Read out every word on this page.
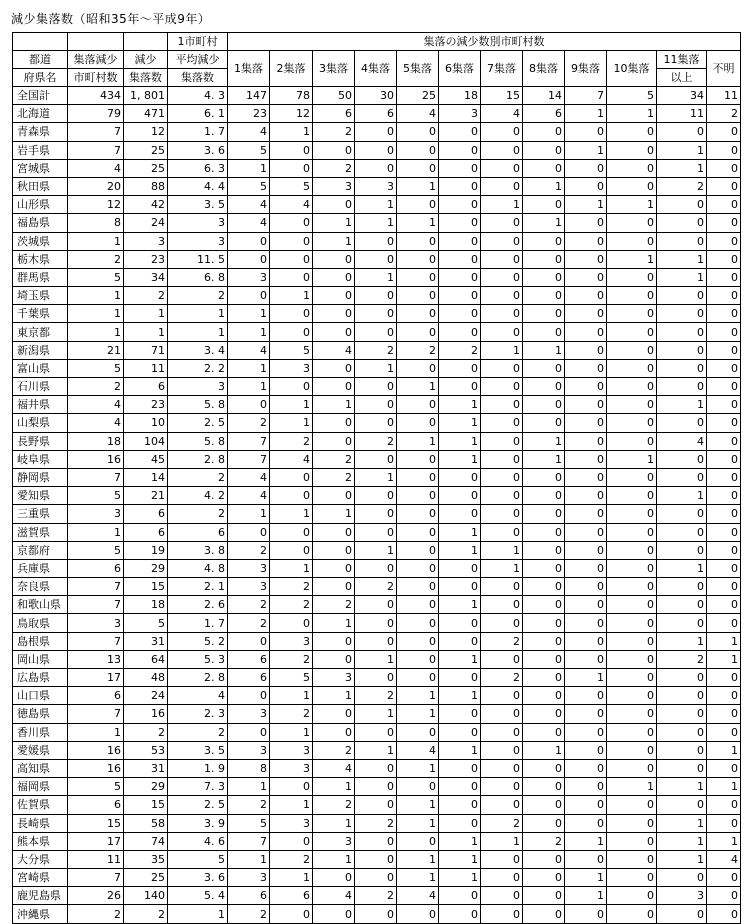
減少集落数（昭和35年～平成9年）
			1市町村	集落の減少数別市町村数											
都道	集落減少	減少	平均減少	1集落	2集落	3集落	4集落	5集落	6集落	7集落	8集落	9集落	10集落	11集落	不明
府県名	市町村数	集落数	集落数											以上	
全国計	434	1, 801	4. 3	147	78	50	30	25	18	15	14	7	5	34	11
北海道	79	471	6. 1	23	12	6	6	4	3	4	6	1	1	11	2
青森県	7	12	1. 7	4	1	2	0	0	0	0	0	0	0	0	0
岩手県	7	25	3. 6	5	0	0	0	0	0	0	0	1	0	1	0
宮城県	4	25	6. 3	1	0	2	0	0	0	0	0	0	0	1	0
秋田県	20	88	4. 4	5	5	3	3	1	0	0	1	0	0	2	0
山形県	12	42	3. 5	4	4	0	1	0	0	1	0	1	1	0	0
福島県	8	24	3	4	0	1	1	1	0	0	1	0	0	0	0
茨城県	1	3	3	0	0	1	0	0	0	0	0	0	0	0	0
栃木県	2	23	11. 5	0	0	0	0	0	0	0	0	0	1	1	0
群馬県	5	34	6. 8	3	0	0	1	0	0	0	0	0	0	1	0
埼玉県	1	2	2	0	1	0	0	0	0	0	0	0	0	0	0
千葉県	1	1	1	1	0	0	0	0	0	0	0	0	0	0	0
東京都	1	1	1	1	0	0	0	0	0	0	0	0	0	0	0
新潟県	21	71	3. 4	4	5	4	2	2	2	1	1	0	0	0	0
富山県	5	11	2. 2	1	3	0	1	0	0	0	0	0	0	0	0
石川県	2	6	3	1	0	0	0	1	0	0	0	0	0	0	0
福井県	4	23	5. 8	0	1	1	0	0	1	0	0	0	0	1	0
山梨県	4	10	2. 5	2	1	0	0	0	1	0	0	0	0	0	0
長野県	18	104	5. 8	7	2	0	2	1	1	0	1	0	0	4	0
岐阜県	16	45	2. 8	7	4	2	0	0	1	0	1	0	1	0	0
静岡県	7	14	2	4	0	2	1	0	0	0	0	0	0	0	0
愛知県	5	21	4. 2	4	0	0	0	0	0	0	0	0	0	1	0
三重県	3	6	2	1	1	1	0	0	0	0	0	0	0	0	0
滋賀県	1	6	6	0	0	0	0	0	1	0	0	0	0	0	0
京都府	5	19	3. 8	2	0	0	1	0	1	1	0	0	0	0	0
兵庫県	6	29	4. 8	3	1	0	0	0	0	1	0	0	0	1	0
奈良県	7	15	2. 1	3	2	0	2	0	0	0	0	0	0	0	0
和歌山県	7	18	2. 6	2	2	2	0	0	1	0	0	0	0	0	0
鳥取県	3	5	1. 7	2	0	1	0	0	0	0	0	0	0	0	0
島根県	7	31	5. 2	0	3	0	0	0	0	2	0	0	0	1	1
岡山県	13	64	5. 3	6	2	0	1	0	1	0	0	0	0	2	1
広島県	17	48	2. 8	6	5	3	0	0	0	2	0	1	0	0	0
山口県	6	24	4	0	1	1	2	1	1	0	0	0	0	0	0
徳島県	7	16	2. 3	3	2	0	1	1	0	0	0	0	0	0	0
香川県	1	2	2	0	1	0	0	0	0	0	0	0	0	0	0
愛媛県	16	53	3. 5	3	3	2	1	4	1	0	1	0	0	0	1
高知県	16	31	1. 9	8	3	4	0	1	0	0	0	0	0	0	0
福岡県	5	29	7. 3	1	0	1	0	0	0	0	0	0	1	1	1
佐賀県	6	15	2. 5	2	1	2	0	1	0	0	0	0	0	0	0
長崎県	15	58	3. 9	5	3	1	2	1	0	2	0	0	0	1	0
熊本県	17	74	4. 6	7	0	3	0	0	1	1	2	1	0	1	1
大分県	11	35	5	1	2	1	0	1	1	0	0	0	0	1	4
宮崎県	7	25	3. 6	3	1	0	0	1	1	0	0	1	0	0	0
鹿児島県	26	140	5. 4	6	6	4	2	4	0	0	0	1	0	3	0
沖縄県	2	2	1	2	0	0	0	0	0	0	0	0	0	0	0
